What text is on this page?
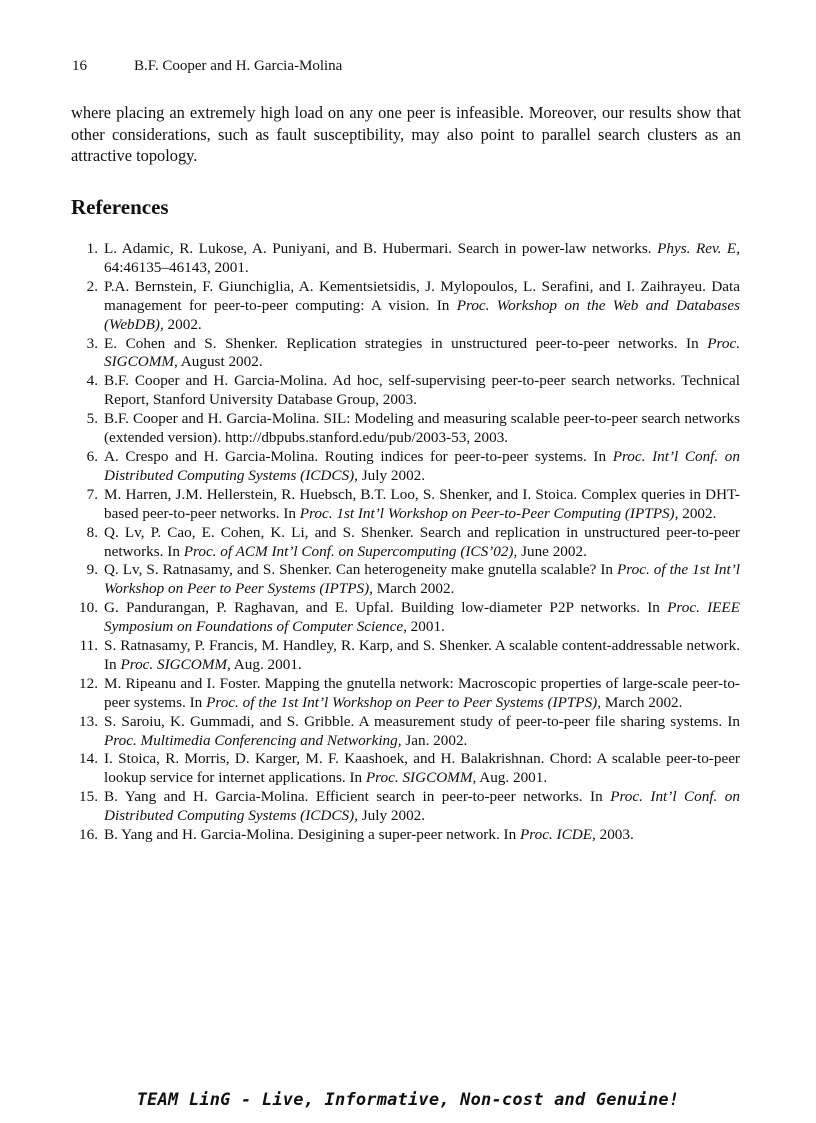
16	B.F. Cooper and H. Garcia-Molina

where placing an extremely high load on any one peer is infeasible. Moreover, our results show that other considerations, such as fault susceptibility, may also point to parallel search clusters as an attractive topology.

References
1. L. Adamic, R. Lukose, A. Puniyani, and B. Hubermari. Search in power-law networks. Phys. Rev. E, 64:46135–46143, 2001.
2. P.A. Bernstein, F. Giunchiglia, A. Kementsietsidis, J. Mylopoulos, L. Serafini, and I. Zaihrayeu. Data management for peer-to-peer computing: A vision. In Proc. Workshop on the Web and Databases (WebDB), 2002.
3. E. Cohen and S. Shenker. Replication strategies in unstructured peer-to-peer networks. In Proc. SIGCOMM, August 2002.
4. B.F. Cooper and H. Garcia-Molina. Ad hoc, self-supervising peer-to-peer search networks. Technical Report, Stanford University Database Group, 2003.
5. B.F. Cooper and H. Garcia-Molina. SIL: Modeling and measuring scalable peer-to-peer search networks (extended version). http://dbpubs.stanford.edu/pub/2003-53, 2003.
6. A. Crespo and H. Garcia-Molina. Routing indices for peer-to-peer systems. In Proc. Int’l Conf. on Distributed Computing Systems (ICDCS), July 2002.
7. M. Harren, J.M. Hellerstein, R. Huebsch, B.T. Loo, S. Shenker, and I. Stoica. Complex queries in DHT-based peer-to-peer networks. In Proc. 1st Int’l Workshop on Peer-to-Peer Computing (IPTPS), 2002.
8. Q. Lv, P. Cao, E. Cohen, K. Li, and S. Shenker. Search and replication in unstructured peer-to-peer networks. In Proc. of ACM Int’l Conf. on Supercomputing (ICS’02), June 2002.
9. Q. Lv, S. Ratnasamy, and S. Shenker. Can heterogeneity make gnutella scalable? In Proc. of the 1st Int’l Workshop on Peer to Peer Systems (IPTPS), March 2002.
10. G. Pandurangan, P. Raghavan, and E. Upfal. Building low-diameter P2P networks. In Proc. IEEE Symposium on Foundations of Computer Science, 2001.
11. S. Ratnasamy, P. Francis, M. Handley, R. Karp, and S. Shenker. A scalable content-addressable network. In Proc. SIGCOMM, Aug. 2001.
12. M. Ripeanu and I. Foster. Mapping the gnutella network: Macroscopic properties of large-scale peer-to-peer systems. In Proc. of the 1st Int’l Workshop on Peer to Peer Systems (IPTPS), March 2002.
13. S. Saroiu, K. Gummadi, and S. Gribble. A measurement study of peer-to-peer file sharing systems. In Proc. Multimedia Conferencing and Networking, Jan. 2002.
14. I. Stoica, R. Morris, D. Karger, M. F. Kaashoek, and H. Balakrishnan. Chord: A scalable peer-to-peer lookup service for internet applications. In Proc. SIGCOMM, Aug. 2001.
15. B. Yang and H. Garcia-Molina. Efficient search in peer-to-peer networks. In Proc. Int’l Conf. on Distributed Computing Systems (ICDCS), July 2002.
16. B. Yang and H. Garcia-Molina. Desigining a super-peer network. In Proc. ICDE, 2003.
TEAM LinG - Live, Informative, Non-cost and Genuine!
